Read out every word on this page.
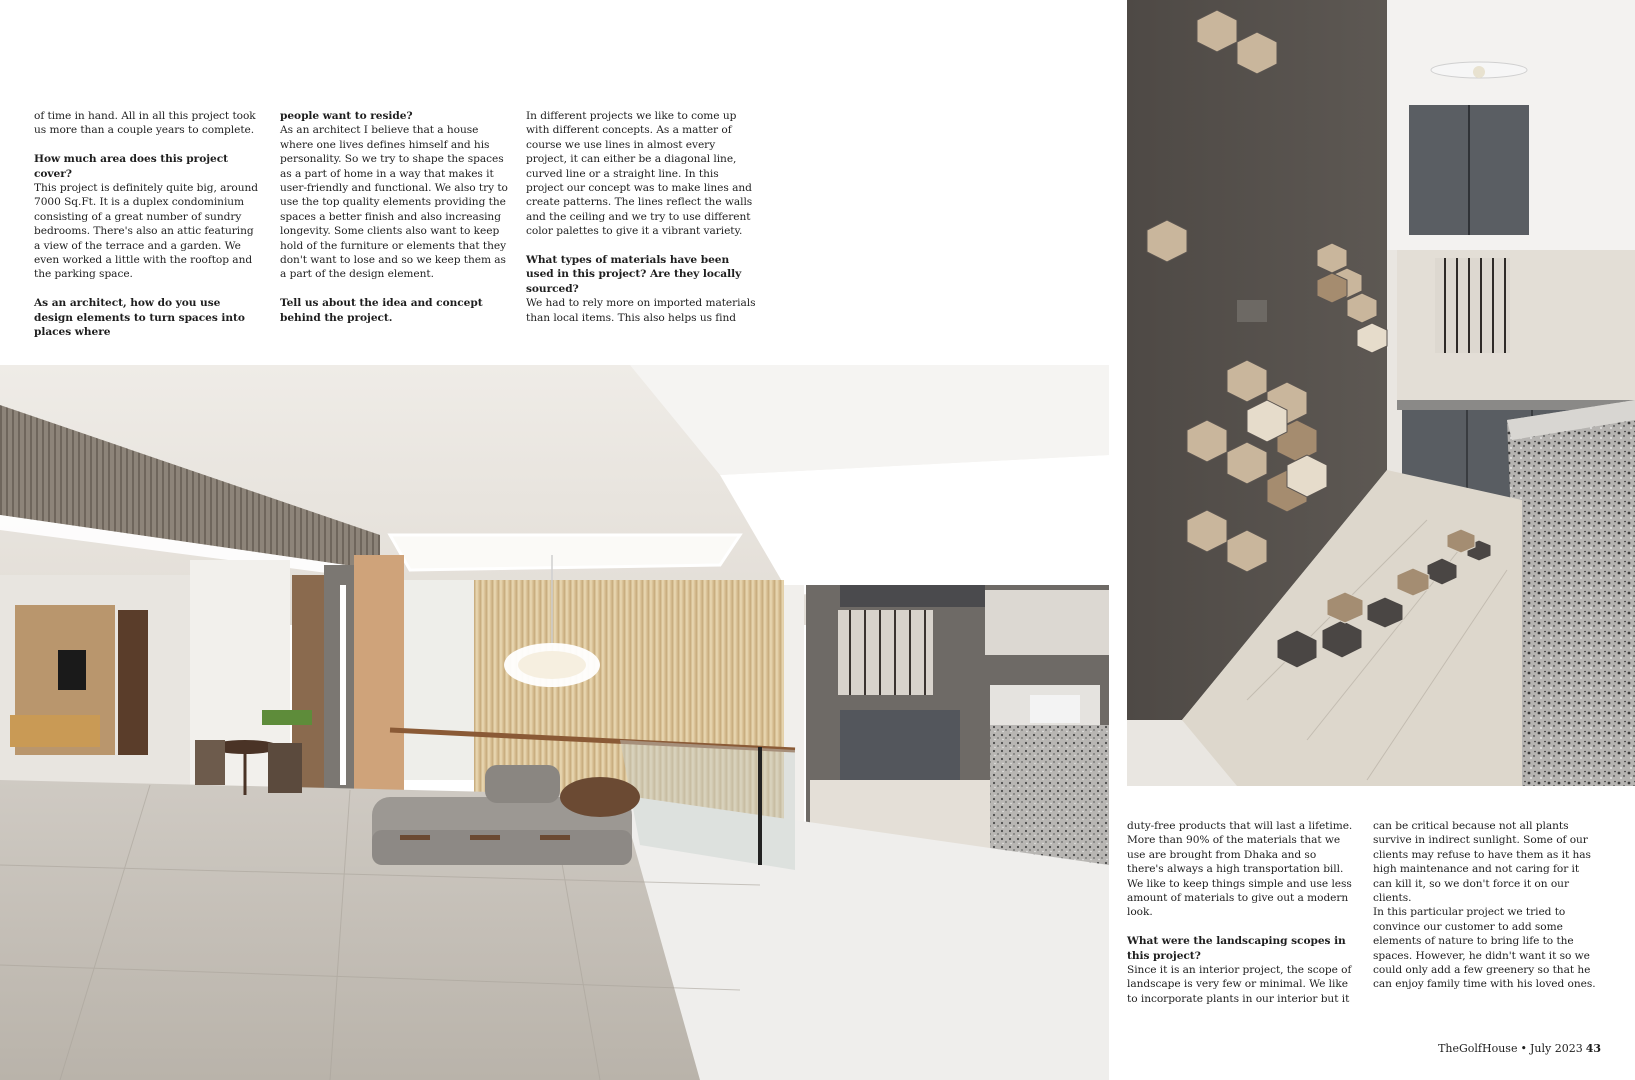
of time in hand. All in all this project took us more than a couple years to complete.

How much area does this project cover?

This project is definitely quite big, around 7000 Sq.Ft. It is a duplex condominium consisting of a great number of sundry bedrooms. There's also an attic featuring a view of the terrace and a garden. We even worked a little with the rooftop and the parking space.

As an architect, how do you use design elements to turn spaces into places where

people want to reside?

As an architect I believe that a house where one lives defines himself and his personality. So we try to shape the spaces as a part of home in a way that makes it user-friendly and functional. We also try to use the top quality elements providing the spaces a better finish and also increasing longevity. Some clients also want to keep hold of the furniture or elements that they don't want to lose and so we keep them as a part of the design element.

Tell us about the idea and concept behind the project.

In different projects we like to come up with different concepts. As a matter of course we use lines in almost every project, it can either be a diagonal line, curved line or a straight line. In this project our concept was to make lines and create patterns. The lines reflect the walls and the ceiling and we try to use different color palettes to give it a vibrant variety.

What types of materials have been used in this project? Are they locally sourced?

We had to rely more on imported materials than local items. This also helps us find

duty-free products that will last a lifetime. More than 90% of the materials that we use are brought from Dhaka and so there's always a high transportation bill. We like to keep things simple and use less amount of materials to give out a modern look.

What were the landscaping scopes in this project?

Since it is an interior project, the scope of landscape is very few or minimal. We like to incorporate plants in our interior but it

can be critical because not all plants survive in indirect sunlight. Some of our clients may refuse to have them as it has high maintenance and not caring for it can kill it, so we don't force it on our clients.

In this particular project we tried to convince our customer to add some elements of nature to bring life to the spaces. However, he didn't want it so we could only add a few greenery so that he can enjoy family time with his loved ones.

TheGolfHouse • July 2023 43
